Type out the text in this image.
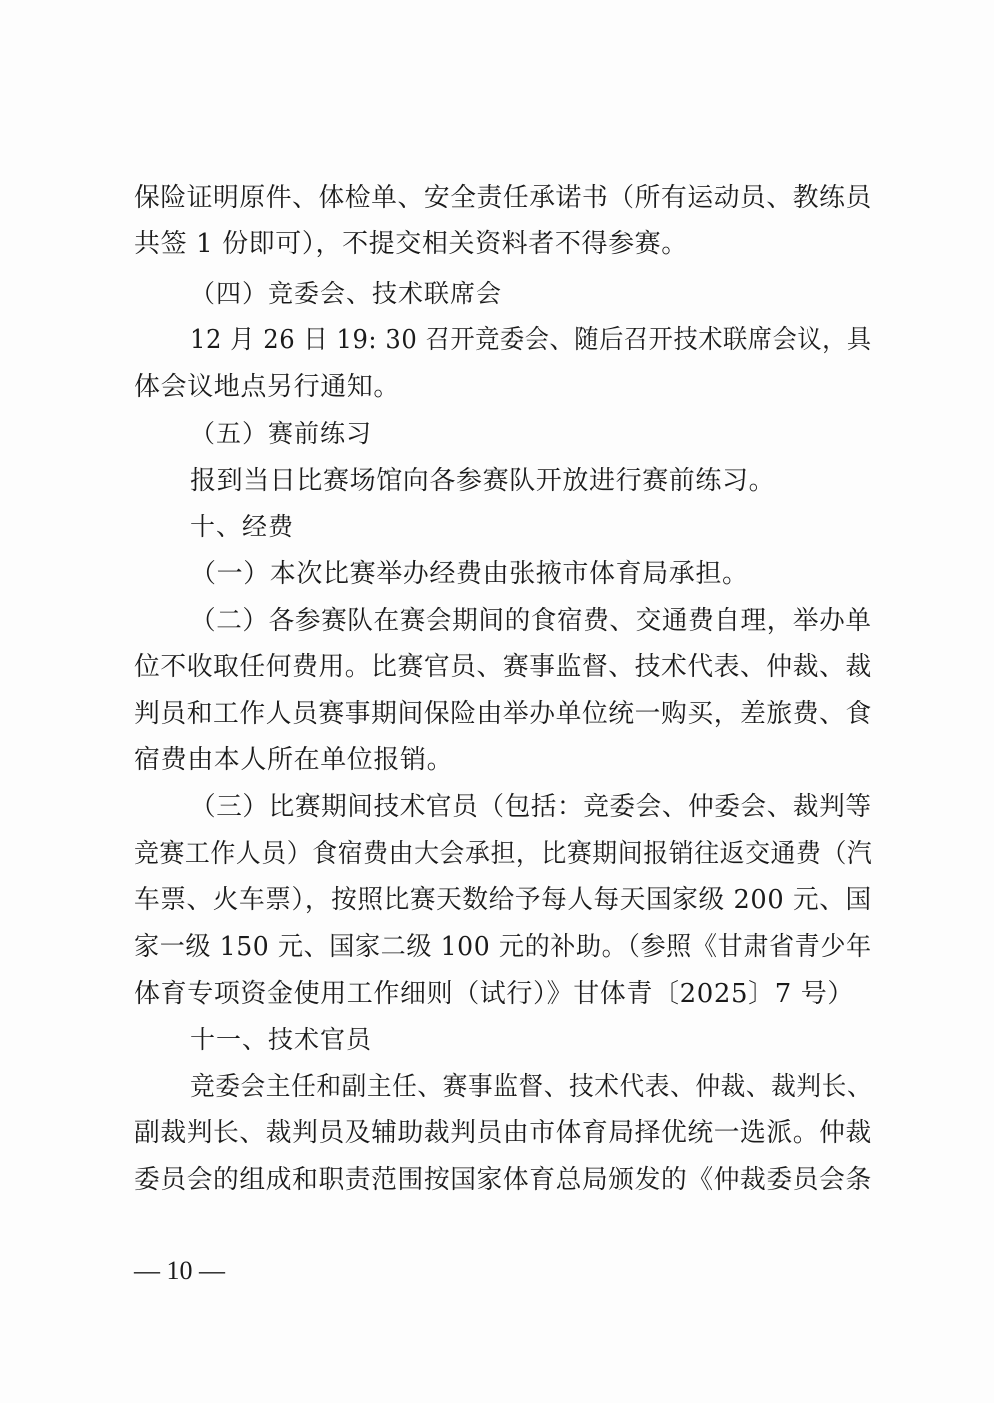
保险证明原件、体检单、安全责任承诺书（所有运动员、教练员

共签 1 份即可），不提交相关资料者不得参赛。

（四）竞委会、技术联席会

12 月 26 日 19: 30 召开竞委会、随后召开技术联席会议，具

体会议地点另行通知。

（五）赛前练习

报到当日比赛场馆向各参赛队开放进行赛前练习。

十、经费

（一）本次比赛举办经费由张掖市体育局承担。

（二）各参赛队在赛会期间的食宿费、交通费自理，举办单

位不收取任何费用。比赛官员、赛事监督、技术代表、仲裁、裁

判员和工作人员赛事期间保险由举办单位统一购买，差旅费、食

宿费由本人所在单位报销。

（三）比赛期间技术官员（包括：竞委会、仲委会、裁判等

竞赛工作人员）食宿费由大会承担，比赛期间报销往返交通费（汽

车票、火车票），按照比赛天数给予每人每天国家级 200 元、国

家一级 150 元、国家二级 100 元的补助。（参照《甘肃省青少年

体育专项资金使用工作细则（试行）》甘体青〔2025〕7 号）

十一、技术官员

竞委会主任和副主任、赛事监督、技术代表、仲裁、裁判长、

副裁判长、裁判员及辅助裁判员由市体育局择优统一选派。仲裁

委员会的组成和职责范围按国家体育总局颁发的《仲裁委员会条

— 10 —
